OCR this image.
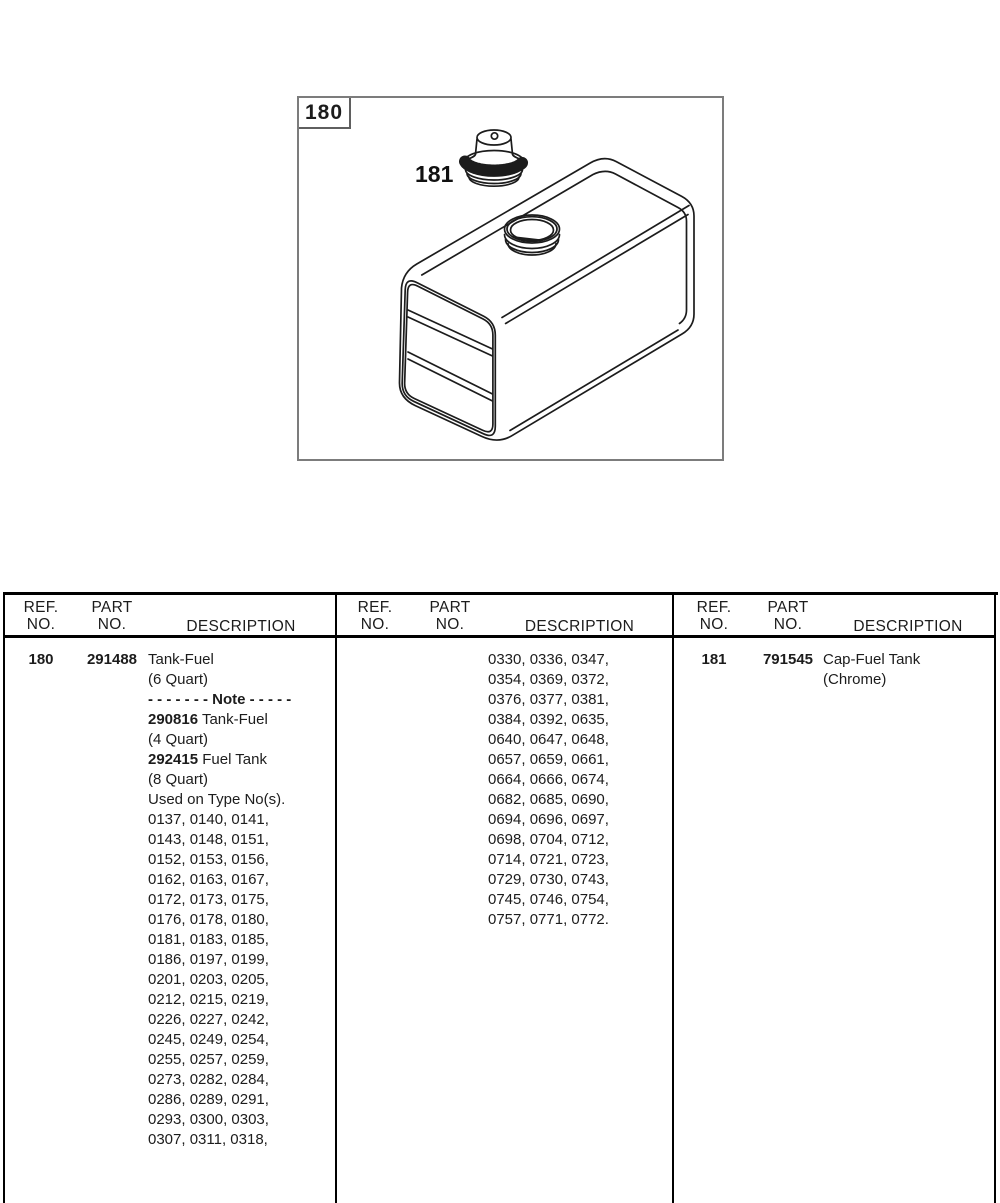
181
180
REF.
NO.
PART
NO.	DESCRIPTION
180	291488 Tank-Fuel
(6 Quart)
- - - - - - - Note - - - - -
290816 Tank-Fuel
(4 Quart)
292415 Fuel Tank
(8 Quart)
Used on Type No(s).
0137, 0140, 0141,
0143, 0148, 0151,
0152, 0153, 0156,
0162, 0163, 0167,
0172, 0173, 0175,
0176, 0178, 0180,
0181, 0183, 0185,
0186, 0197, 0199,
0201, 0203, 0205,
0212, 0215, 0219,
0226, 0227, 0242,
0245, 0249, 0254,
0255, 0257, 0259,
0273, 0282, 0284,
0286, 0289, 0291,
0293, 0300, 0303,
0307, 0311, 0318,
REF.
NO.
PART
NO.	DESCRIPTION
0330, 0336, 0347,
0354, 0369, 0372,
0376, 0377, 0381,
0384, 0392, 0635,
0640, 0647, 0648,
0657, 0659, 0661,
0664, 0666, 0674,
0682, 0685, 0690,
0694, 0696, 0697,
0698, 0704, 0712,
0714, 0721, 0723,
0729, 0730, 0743,
0745, 0746, 0754,
0757, 0771, 0772.
REF.
NO.
PART
NO.	DESCRIPTION
181	791545 Cap-Fuel Tank
(Chrome)
